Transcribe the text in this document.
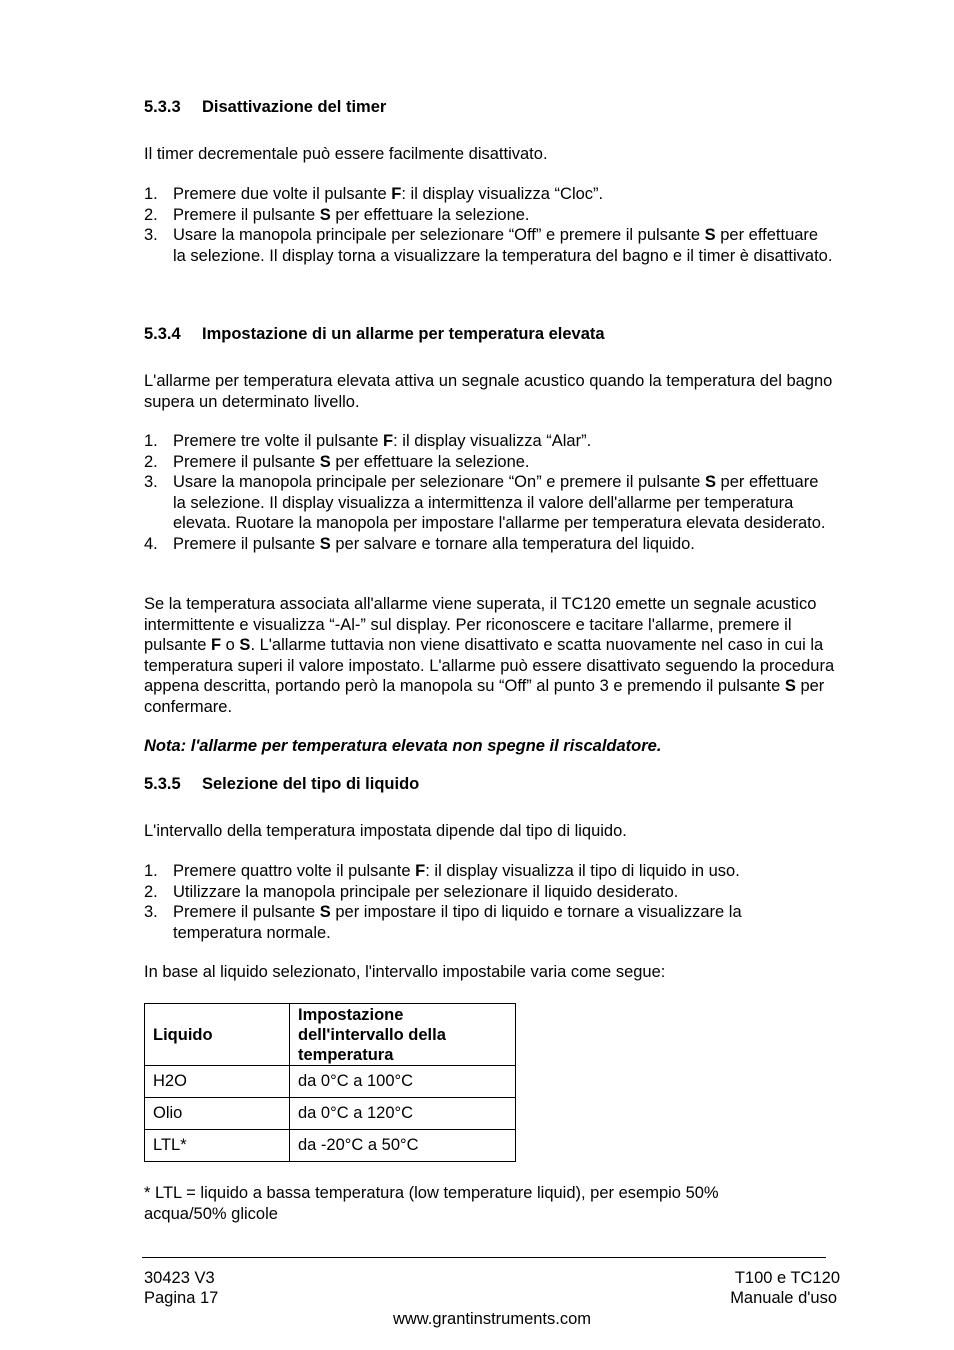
5.3.3 Disattivazione del timer

Il timer decrementale può essere facilmente disattivato.

1. Premere due volte il pulsante F: il display visualizza “Cloc”.
2. Premere il pulsante S per effettuare la selezione.
3. Usare la manopola principale per selezionare “Off” e premere il pulsante S per effettuare la selezione. Il display torna a visualizzare la temperatura del bagno e il timer è disattivato.
5.3.4 Impostazione di un allarme per temperatura elevata

L'allarme per temperatura elevata attiva un segnale acustico quando la temperatura del bagno supera un determinato livello.

1. Premere tre volte il pulsante F: il display visualizza “Alar”.
2. Premere il pulsante S per effettuare la selezione.
3. Usare la manopola principale per selezionare “On” e premere il pulsante S per effettuare la selezione. Il display visualizza a intermittenza il valore dell'allarme per temperatura elevata. Ruotare la manopola per impostare l'allarme per temperatura elevata desiderato.
4. Premere il pulsante S per salvare e tornare alla temperatura del liquido.

Se la temperatura associata all'allarme viene superata, il TC120 emette un segnale acustico intermittente e visualizza “-Al-” sul display. Per riconoscere e tacitare l'allarme, premere il pulsante F o S. L'allarme tuttavia non viene disattivato e scatta nuovamente nel caso in cui la temperatura superi il valore impostato. L'allarme può essere disattivato seguendo la procedura appena descritta, portando però la manopola su “Off” al punto 3 e premendo il pulsante S per confermare.

Nota: l'allarme per temperatura elevata non spegne il riscaldatore.

5.3.5 Selezione del tipo di liquido

L'intervallo della temperatura impostata dipende dal tipo di liquido.

1. Premere quattro volte il pulsante F: il display visualizza il tipo di liquido in uso.
2. Utilizzare la manopola principale per selezionare il liquido desiderato.
3. Premere il pulsante S per impostare il tipo di liquido e tornare a visualizzare la temperatura normale.

In base al liquido selezionato, l'intervallo impostabile varia come segue:

Liquido	Impostazione dell'intervallo della temperatura
H2O	da 0°C a 100°C
Olio	da 0°C a 120°C
LTL*	da -20°C a 50°C

* LTL = liquido a bassa temperatura (low temperature liquid), per esempio 50% acqua/50% glicole

30423 V3
Pagina 17
T100 e TC120
Manuale d'uso
www.grantinstruments.com
